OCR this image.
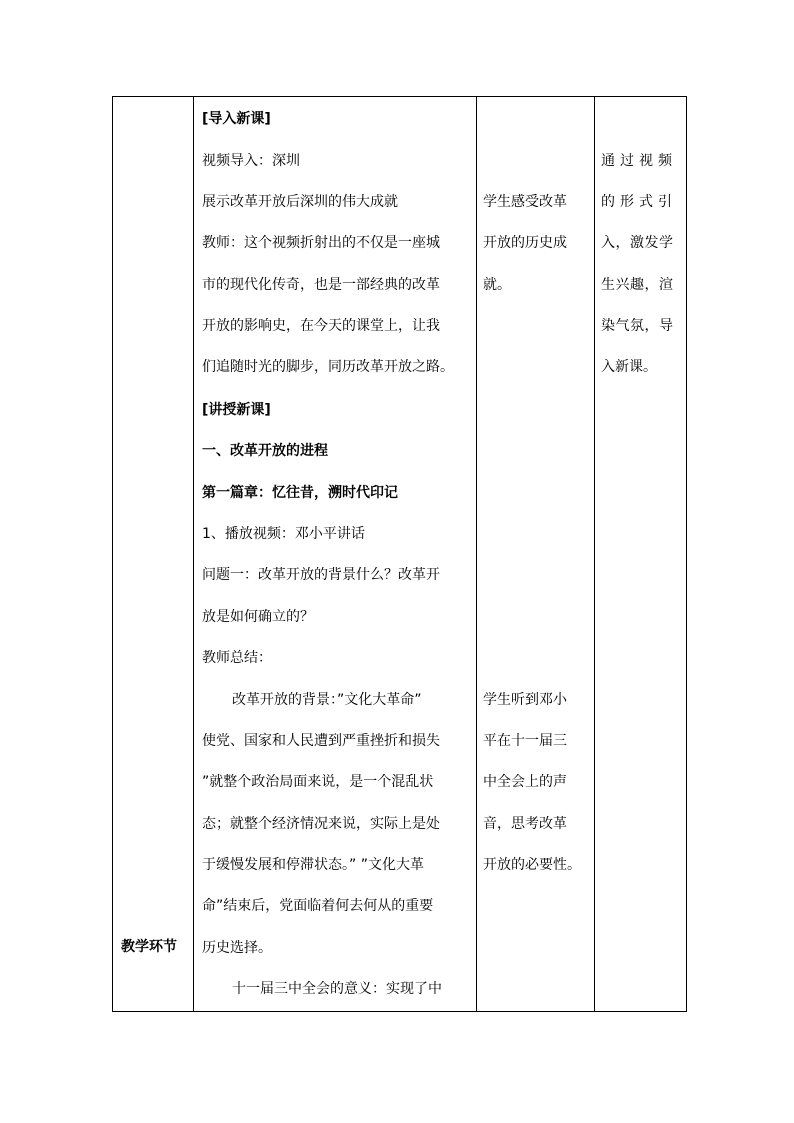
教学环节
[导入新课]
视频导入：深圳
展示改革开放后深圳的伟大成就
教师：这个视频折射出的不仅是一座城
市的现代化传奇，也是一部经典的改革
开放的影响史，在今天的课堂上，让我
们追随时光的脚步，同历改革开放之路。
[讲授新课]
一、改革开放的进程
第一篇章：忆往昔，溯时代印记
1、播放视频：邓小平讲话
问题一：改革开放的背景什么？改革开
放是如何确立的？
教师总结：
改革开放的背景：”文化大革命”
使党、国家和人民遭到严重挫折和损失
”就整个政治局面来说，是一个混乱状
态；就整个经济情况来说，实际上是处
于缓慢发展和停滞状态。” ”文化大革
命”结束后，党面临着何去何从的重要
历史选择。
十一届三中全会的意义：实现了中
学生感受改革
开放的历史成
就。
学生听到邓小
平在十一届三
中全会上的声
音，思考改革
开放的必要性。
通过视频
的形式引
入，激发学
生兴趣，渲
染气氛，导
入新课。
